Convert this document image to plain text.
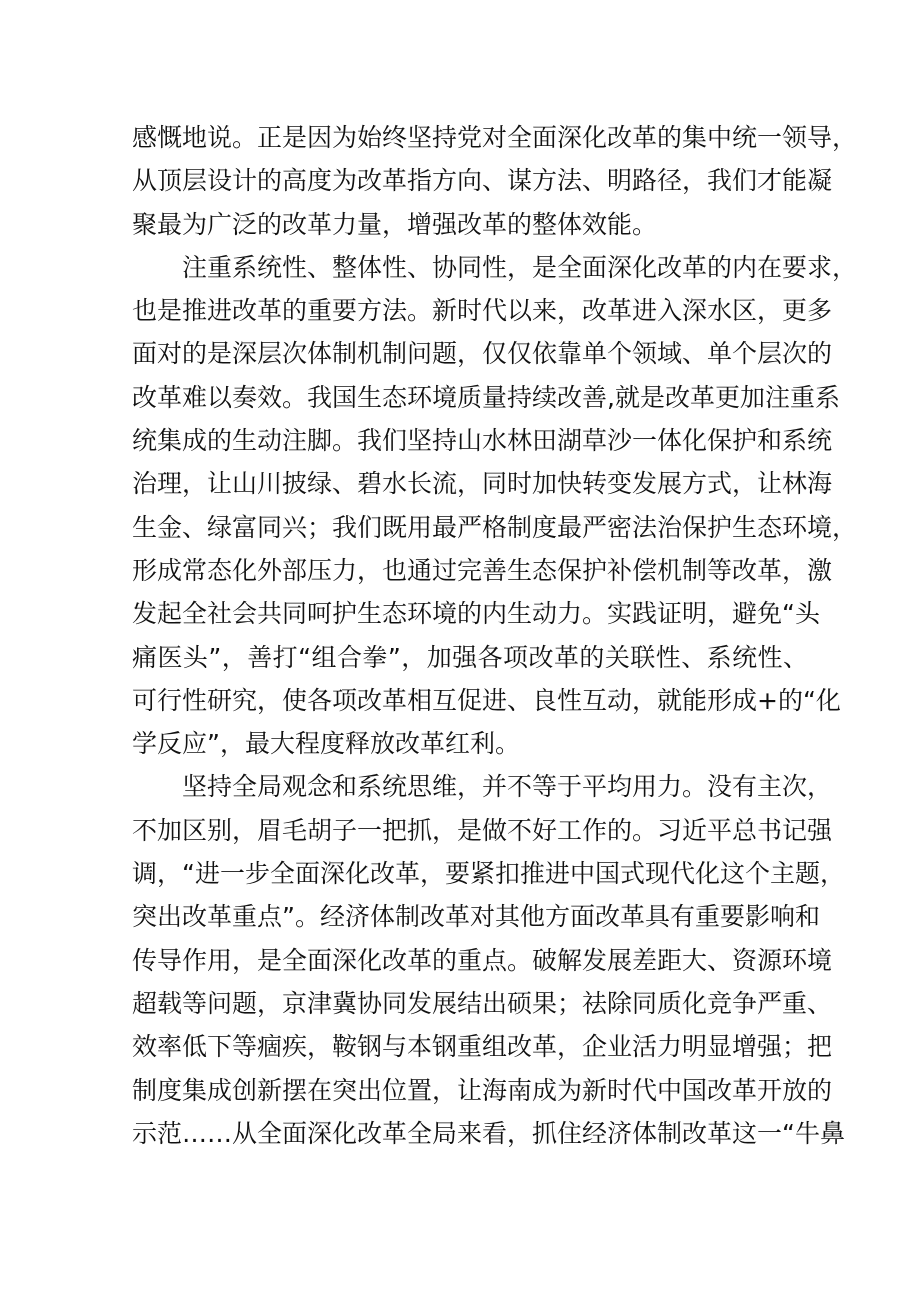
感慨地说。正是因为始终坚持党对全面深化改革的集中统一领导，
从顶层设计的高度为改革指方向、谋方法、明路径，我们才能凝
聚最为广泛的改革力量，增强改革的整体效能。
注重系统性、整体性、协同性，是全面深化改革的内在要求，
也是推进改革的重要方法。新时代以来，改革进入深水区，更多
面对的是深层次体制机制问题，仅仅依靠单个领域、单个层次的
改革难以奏效。我国生态环境质量持续改善,就是改革更加注重系
统集成的生动注脚。我们坚持山水林田湖草沙一体化保护和系统
治理，让山川披绿、碧水长流，同时加快转变发展方式，让林海
生金、绿富同兴；我们既用最严格制度最严密法治保护生态环境，
形成常态化外部压力，也通过完善生态保护补偿机制等改革，激
发起全社会共同呵护生态环境的内生动力。实践证明，避免“头
痛医头”，善打“组合拳”，加强各项改革的关联性、系统性、
可行性研究，使各项改革相互促进、良性互动，就能形成+的“化
学反应”，最大程度释放改革红利。
坚持全局观念和系统思维，并不等于平均用力。没有主次，
不加区别，眉毛胡子一把抓，是做不好工作的。习近平总书记强
调，“进一步全面深化改革，要紧扣推进中国式现代化这个主题，
突出改革重点”。经济体制改革对其他方面改革具有重要影响和
传导作用，是全面深化改革的重点。破解发展差距大、资源环境
超载等问题，京津冀协同发展结出硕果；祛除同质化竞争严重、
效率低下等痼疾，鞍钢与本钢重组改革，企业活力明显增强；把
制度集成创新摆在突出位置，让海南成为新时代中国改革开放的
示范……从全面深化改革全局来看，抓住经济体制改革这一“牛鼻
